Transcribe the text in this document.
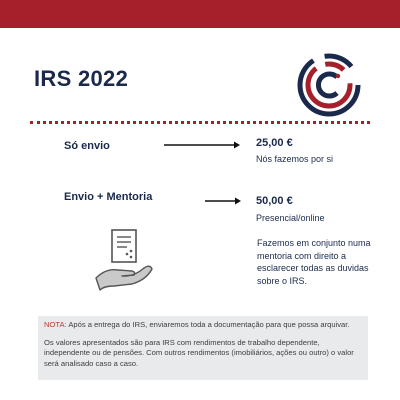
IRS 2022
Só envio	25,00 €
Nós fazemos por si
Envio + Mentoria	50,00 €
Presencial/online
Fazemos em conjunto numa mentoria com direito a esclarecer todas as duvidas sobre o IRS.

NOTA: Após a entrega do IRS, enviaremos toda a documentação para que possa arquivar.

Os valores apresentados são para IRS com rendimentos de trabalho dependente, independente ou de pensões. Com outros rendimentos (imobiliários, ações ou outro) o valor será analisado caso a caso.
